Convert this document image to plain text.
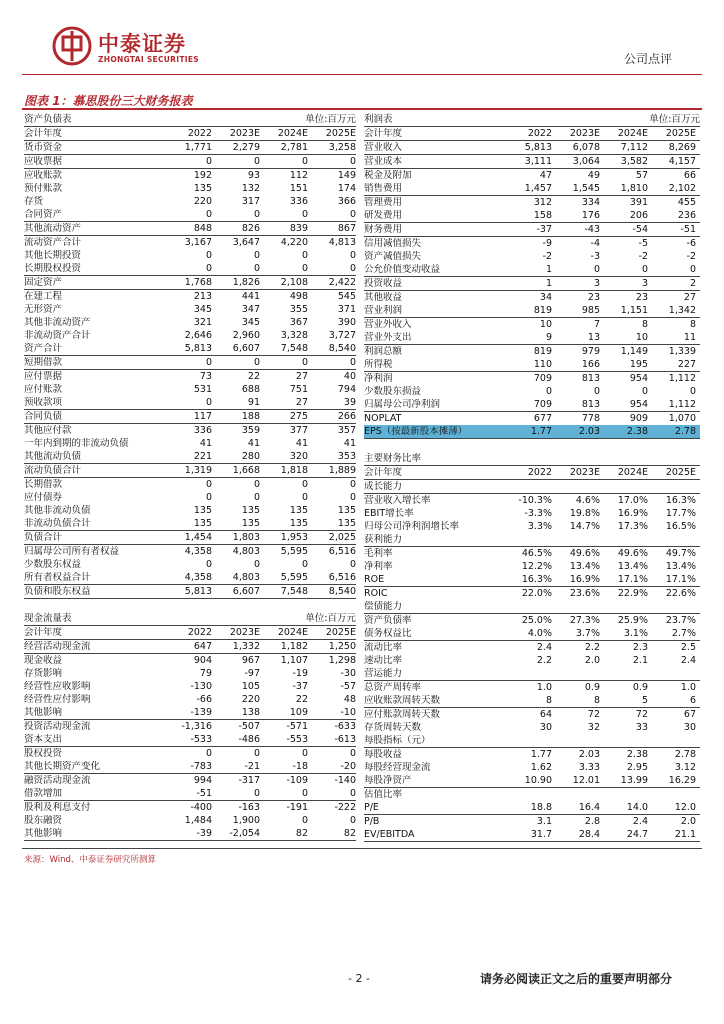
中泰证券
ZHONGTAI SECURITIES	公司点评
图表 1：慕思股份三大财务报表
资产负债表	单位:百万元
会计年度	2022	2023E	2024E	2025E
货币资金	1,771	2,279	2,781	3,258
应收票据	0	0	0	0
应收账款	192	93	112	149
预付账款	135	132	151	174
存货	220	317	336	366
合同资产	0	0	0	0
其他流动资产	848	826	839	867
流动资产合计	3,167	3,647	4,220	4,813
其他长期投资	0	0	0	0
长期股权投资	0	0	0	0
固定资产	1,768	1,826	2,108	2,422
在建工程	213	441	498	545
无形资产	345	347	355	371
其他非流动资产	321	345	367	390
非流动资产合计	2,646	2,960	3,328	3,727
资产合计	5,813	6,607	7,548	8,540
短期借款	0	0	0	0
应付票据	73	22	27	40
应付账款	531	688	751	794
预收款项	0	91	27	39
合同负债	117	188	275	266
其他应付款	336	359	377	357
一年内到期的非流动负债	41	41	41	41
其他流动负债	221	280	320	353
流动负债合计	1,319	1,668	1,818	1,889
长期借款	0	0	0	0
应付债券	0	0	0	0
其他非流动负债	135	135	135	135
非流动负债合计	135	135	135	135
负债合计	1,454	1,803	1,953	2,025
归属母公司所有者权益	4,358	4,803	5,595	6,516
少数股东权益	0	0	0	0
所有者权益合计	4,358	4,803	5,595	6,516
负债和股东权益	5,813	6,607	7,548	8,540
现金流量表	单位:百万元
会计年度	2022	2023E	2024E	2025E
经营活动现金流	647	1,332	1,182	1,250
现金收益	904	967	1,107	1,298
存货影响	79	-97	-19	-30
经营性应收影响	-130	105	-37	-57
经营性应付影响	-66	220	22	48
其他影响	-139	138	109	-10
投资活动现金流	-1,316	-507	-571	-633
资本支出	-533	-486	-553	-613
股权投资	0	0	0	0
其他长期资产变化	-783	-21	-18	-20
融资活动现金流	994	-317	-109	-140
借款增加	-51	0	0	0
股利及利息支付	-400	-163	-191	-222
股东融资	1,484	1,900	0	0
其他影响	-39	-2,054	82	82
利润表	单位:百万元
会计年度	2022	2023E	2024E	2025E
营业收入	5,813	6,078	7,112	8,269
营业成本	3,111	3,064	3,582	4,157
税金及附加	47	49	57	66
销售费用	1,457	1,545	1,810	2,102
管理费用	312	334	391	455
研发费用	158	176	206	236
财务费用	-37	-43	-54	-51
信用减值损失	-9	-4	-5	-6
资产减值损失	-2	-3	-2	-2
公允价值变动收益	1	0	0	0
投资收益	1	3	3	2
其他收益	34	23	23	27
营业利润	819	985	1,151	1,342
营业外收入	10	7	8	8
营业外支出	9	13	10	11
利润总额	819	979	1,149	1,339
所得税	110	166	195	227
净利润	709	813	954	1,112
少数股东损益	0	0	0	0
归属母公司净利润	709	813	954	1,112
NOPLAT	677	778	909	1,070
EPS（按最新股本摊薄）	1.77	2.03	2.38	2.78
主要财务比率
会计年度	2022	2023E	2024E	2025E
成长能力
营业收入增长率	-10.3%	4.6%	17.0%	16.3%
EBIT增长率	-3.3%	19.8%	16.9%	17.7%
归母公司净利润增长率	3.3%	14.7%	17.3%	16.5%
获利能力
毛利率	46.5%	49.6%	49.6%	49.7%
净利率	12.2%	13.4%	13.4%	13.4%
ROE	16.3%	16.9%	17.1%	17.1%
ROIC	22.0%	23.6%	22.9%	22.6%
偿债能力
资产负债率	25.0%	27.3%	25.9%	23.7%
债务权益比	4.0%	3.7%	3.1%	2.7%
流动比率	2.4	2.2	2.3	2.5
速动比率	2.2	2.0	2.1	2.4
营运能力
总资产周转率	1.0	0.9	0.9	1.0
应收账款周转天数	8	8	5	6
应付账款周转天数	64	72	72	67
存货周转天数	30	32	33	30
每股指标（元）
每股收益	1.77	2.03	2.38	2.78
每股经营现金流	1.62	3.33	2.95	3.12
每股净资产	10.90	12.01	13.99	16.29
估值比率
P/E	18.8	16.4	14.0	12.0
P/B	3.1	2.8	2.4	2.0
EV/EBITDA	31.7	28.4	24.7	21.1
来源：Wind、中泰证券研究所测算
- 2 -	请务必阅读正文之后的重要声明部分
